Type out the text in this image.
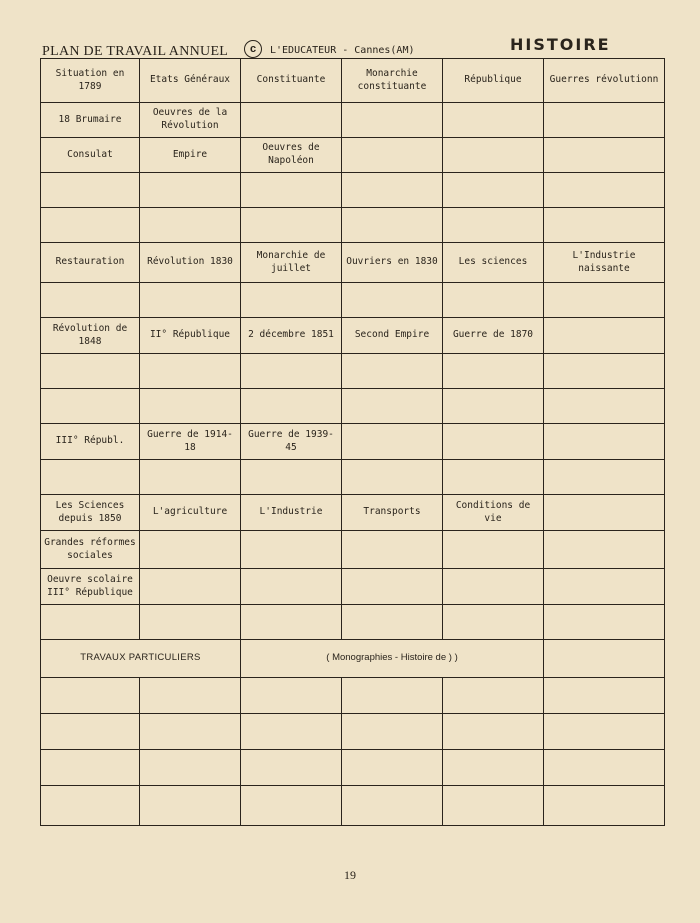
PLAN DE TRAVAIL ANNUEL	c	L'EDUCATEUR - Cannes(AM)	HISTOIRE
Situation en 1789	Etats Généraux	Constituante	Monarchie constituante	République	Guerres révolutionn
18 Brumaire	Oeuvres de la Révolution				
Consulat	Empire	Oeuvres de Napoléon			

Restauration	Révolution 1830	Monarchie de juillet	Ouvriers en 1830	Les sciences	L'Industrie naissante

Révolution de 1848	II° République	2 décembre 1851	Second Empire	Guerre de 1870	

III° Républ.	Guerre de 1914-18	Guerre de 1939-45			

Les Sciences depuis 1850	L'agriculture	L'Industrie	Transports	Conditions de vie	
Grandes réformes sociales					
Oeuvre scolaire III° République					

TRAVAUX PARTICULIERS		( Monographies - Histoire de ) )			

19
